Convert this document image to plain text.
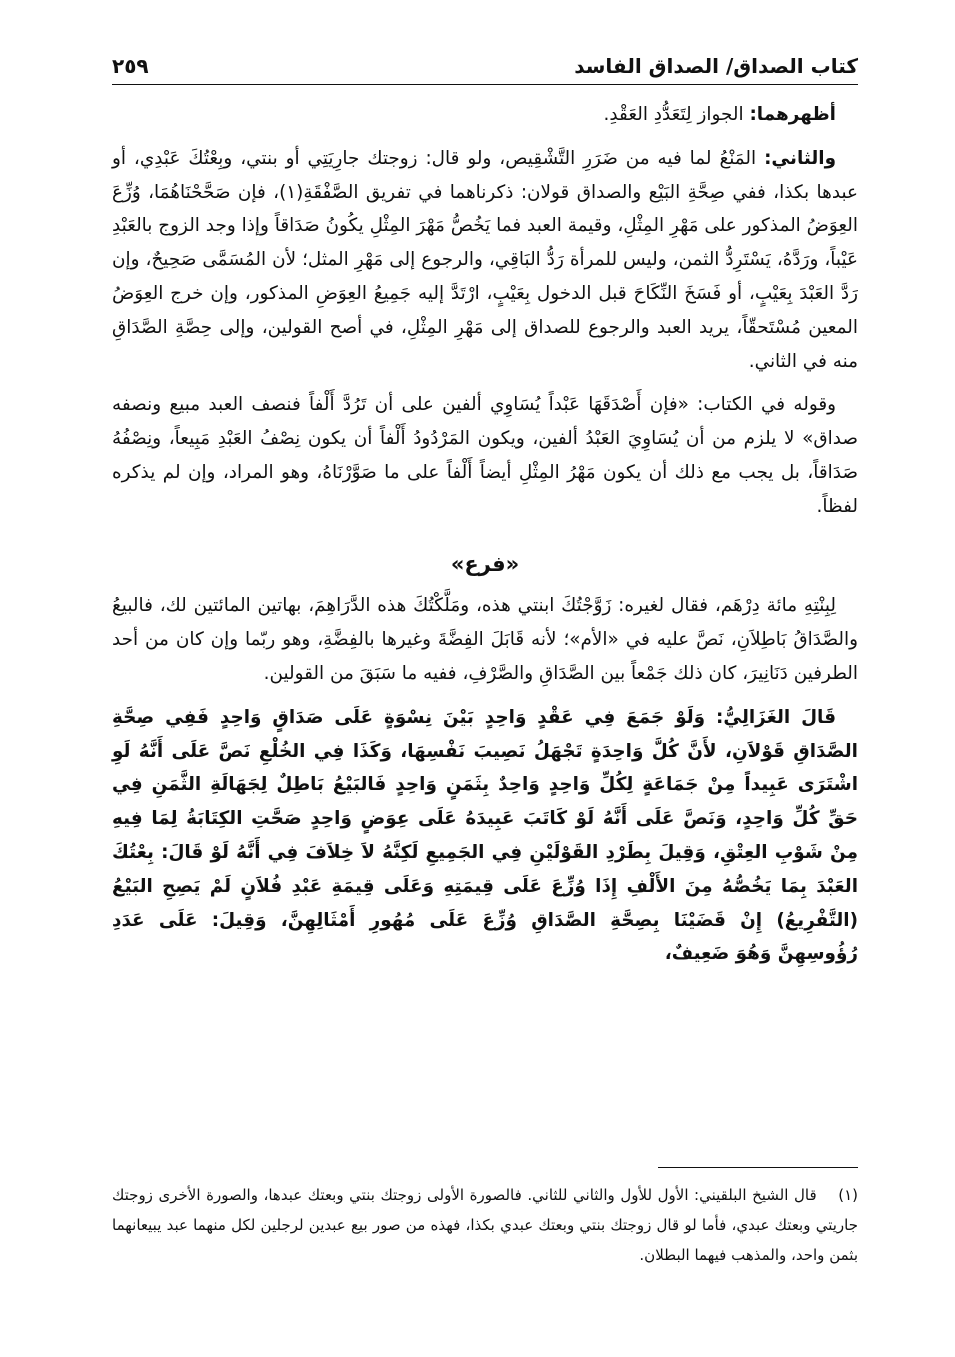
كتاب الصداق/ الصداق الفاسد
٢٥٩

أظهرهما: الجواز لِتَعَدُّدِ العَقْدِ.

والثاني: المَنْعُ لما فيه من ضَرَرِ التَّشْقِيص، ولو قال: زوجتك جارِيَتِي أو بنتي، وبِعْتُكَ عَبْدِي، أو عبدها بكذا، ففي صِحَّةِ البَيْع والصداق قولان: ذكرناهما في تفريق الصَّفْقَةِ(١)، فإن صَحَّحْنَاهُمَا، وُزِّعَ العِوَضُ المذكور على مَهْرِ المِثْلِ، وقيمة العبد فما يَخُصُّ مَهْرَ المِثْلِ يكُونُ صَدَاقاً وإذا وجد الزوج بالعَبْدِ عَيْباً، ورَدَّهُ، يَسْتَرِدُّ الثمن، وليس للمرأة رَدُّ البَاقِي، والرجوع إلى مَهْرِ المثل؛ لأن المُسَمَّى صَحِيحٌ، وإن رَدَّ العَبْدَ بِعَيْبٍ، أو فَسَخَ النِّكَاحَ قبل الدخول بِعَيْبٍ، ارْتَدَّ إليه جَمِيعُ العِوَضِ المذكور، وإن خرج العِوَضُ المعين مُسْتَحقّاً، يريد العبد والرجوع للصداق إلى مَهْرِ المِثْلِ، في أصح القولين، وإلى حِصَّةِ الصَّدَاقِ منه في الثاني.

وقوله في الكتاب: «فإن أَصْدَقَهَا عَبْداً يُسَاوِي ألفين على أن تَرُدَّ أَلْفاً فنصف العبد مبيع ونصفه صداق» لا يلزم من أن يُسَاوِيَ العَبْدُ ألفين، ويكون المَرْدُودُ أَلْفاً أن يكون نِصْفُ العَبْدِ مَبِيعاً، ونِصْفُهُ صَدَاقاً، بل يجب مع ذلك أن يكون مَهْرُ المِثْلِ أيضاً أَلْفاً على ما صَوَّرْنَاهُ، وهو المراد، وإن لم يذكره لفظاً.

«فرع»

لِبِنْتِهِ مائة دِرْهَم، فقال لغيره: زَوَّجْتُكَ ابنتي هذه، ومَلَّكْتُكَ هذه الدَّرَاهِمَ، بهاتين المائتين لك، فالبيعُ والصَّدَاقُ بَاطِلاَنِ، نَصَّ عليه في «الأم»؛ لأنه قَابَلَ الفِضَّةَ وغيرها بالفِضَّةِ، وهو ربّما وإن كان من أحد الطرفين دَنَانِيرَ، كان ذلك جَمْعاً بين الصَّدَاقِ والصَّرْفِ، ففيه ما سَبَقَ من القولين.

قَالَ الغَزَالِيُّ: وَلَوْ جَمَعَ فِي عَقْدٍ وَاحِدٍ بَيْنَ نِسْوَةٍ عَلَى صَدَاقٍ وَاحِدٍ فَفِي صِحَّةِ الصَّدَاقِ قَوْلاَنِ، لأَنَّ كُلَّ وَاحِدَةٍ تَجْهَلُ نَصِيبَ نَفْسِهَا، وَكَذَا فِي الخُلْعِ نَصَّ عَلَى أَنَّهُ لَوِ اشْتَرَى عَبِيداً مِنْ جَمَاعَةٍ لِكُلِّ وَاحِدٍ وَاحِدٌ بِثَمَنٍ وَاحِدٍ فَالبَيْعُ بَاطِلٌ لِجَهَالَةِ الثَّمَنِ فِي حَقِّ كُلِّ وَاحِدٍ، وَنَصَّ عَلَى أَنَّهُ لَوْ كَاتَبَ عَبِيدَهُ عَلَى عِوَضٍ وَاحِدٍ صَحَّتِ الكِتَابَةُ لِمَا فِيهِ مِنْ شَوْبِ العِتْقِ، وَقِيلَ بِطَرْدِ القَوْلَيْنِ فِي الجَمِيعِ لَكِنَّهُ لاَ خِلاَفَ فِي أَنَّهُ لَوْ قَالَ: بِعْتُكَ العَبْدَ بِمَا يَخُصُّهُ مِنَ الأَلْفِ إِذَا وُزِّعَ عَلَى قِيمَتِهِ وَعَلَى قِيمَةِ عَبْدِ فُلاَنٍ لَمْ يَصِحِ البَيْعُ (التَّفْرِيعُ) إِنْ قَضَيْنَا بِصِحَّةِ الصَّدَاقِ وُزِّعَ عَلَى مُهُورِ أَمْثَالِهِنَّ، وَقِيلَ: عَلَى عَدَدِ رُؤُوسِهِنَّ وَهُوَ ضَعِيفٌ،

(١) قال الشيخ البلقيني: الأول للأول والثاني للثاني. فالصورة الأولى زوجتك بنتي وبعتك عبدها، والصورة الأخرى زوجتك جاريتي وبعتك عبدي، فأما لو قال زوجتك بنتي وبعتك عبدي بكذا، فهذه من صور بيع عبدين لرجلين لكل منهما عبد يبيعانهما بثمن واحد، والمذهب فيهما البطلان.
